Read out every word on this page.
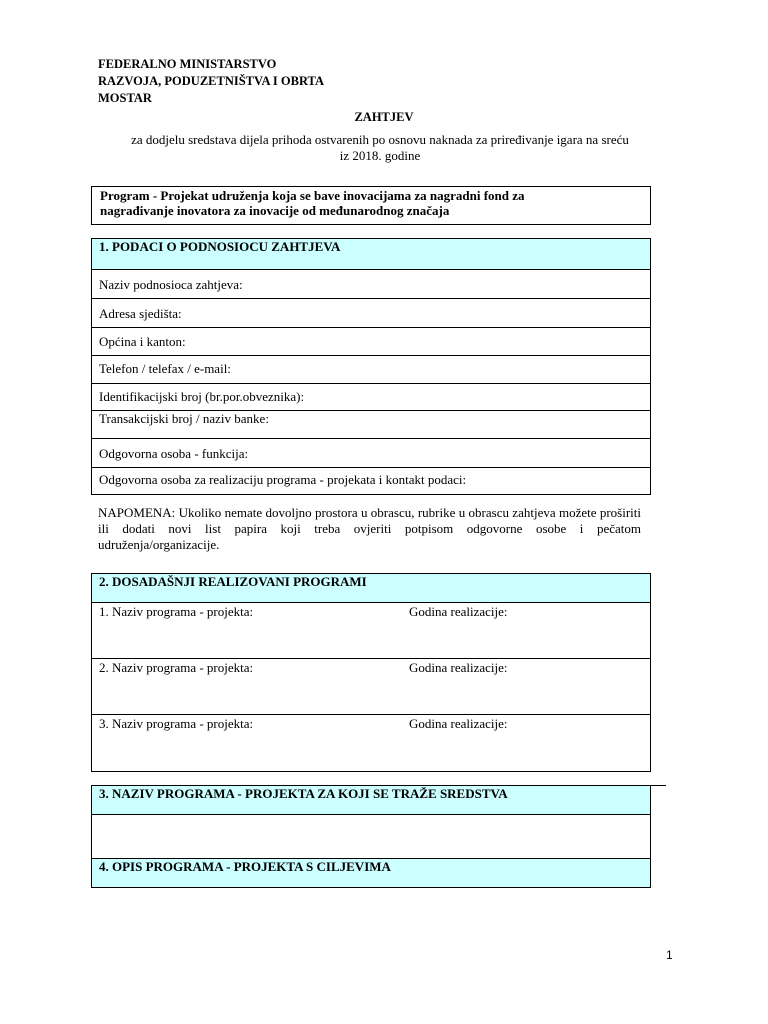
FEDERALNO MINISTARSTVO
RAZVOJA, PODUZETNIŠTVA I OBRTA
MOSTAR
ZAHTJEV
za dodjelu sredstava dijela prihoda ostvarenih po osnovu naknada za priređivanje igara na sreću
iz 2018. godine
Program - Projekat udruženja koja se bave inovacijama za nagradni fond za
nagrađivanje inovatora za inovacije od međunarodnog značaja
1. PODACI O PODNOSIOCU ZAHTJEVA
Naziv podnosioca zahtjeva:
Adresa sjedišta:
Općina i kanton:
Telefon / telefax / e-mail:
Identifikacijski broj (br.por.obveznika):
Transakcijski broj / naziv banke:
Odgovorna osoba - funkcija:
Odgovorna osoba za realizaciju programa - projekata i kontakt podaci:
NAPOMENA: Ukoliko nemate dovoljno prostora u obrascu, rubrike u obrascu zahtjeva možete proširiti ili dodati novi list papira koji treba ovjeriti potpisom odgovorne osobe i pečatom udruženja/organizacije.
2. DOSADAŠNJI REALIZOVANI PROGRAMI

1. Naziv programa - projekta:	Godina realizacije:

2. Naziv programa - projekta:	Godina realizacije:

3. Naziv programa - projekta:	Godina realizacije:
3. NAZIV PROGRAMA - PROJEKTA ZA KOJI SE TRAŽE SREDSTVA

4. OPIS PROGRAMA - PROJEKTA S CILJEVIMA
1
